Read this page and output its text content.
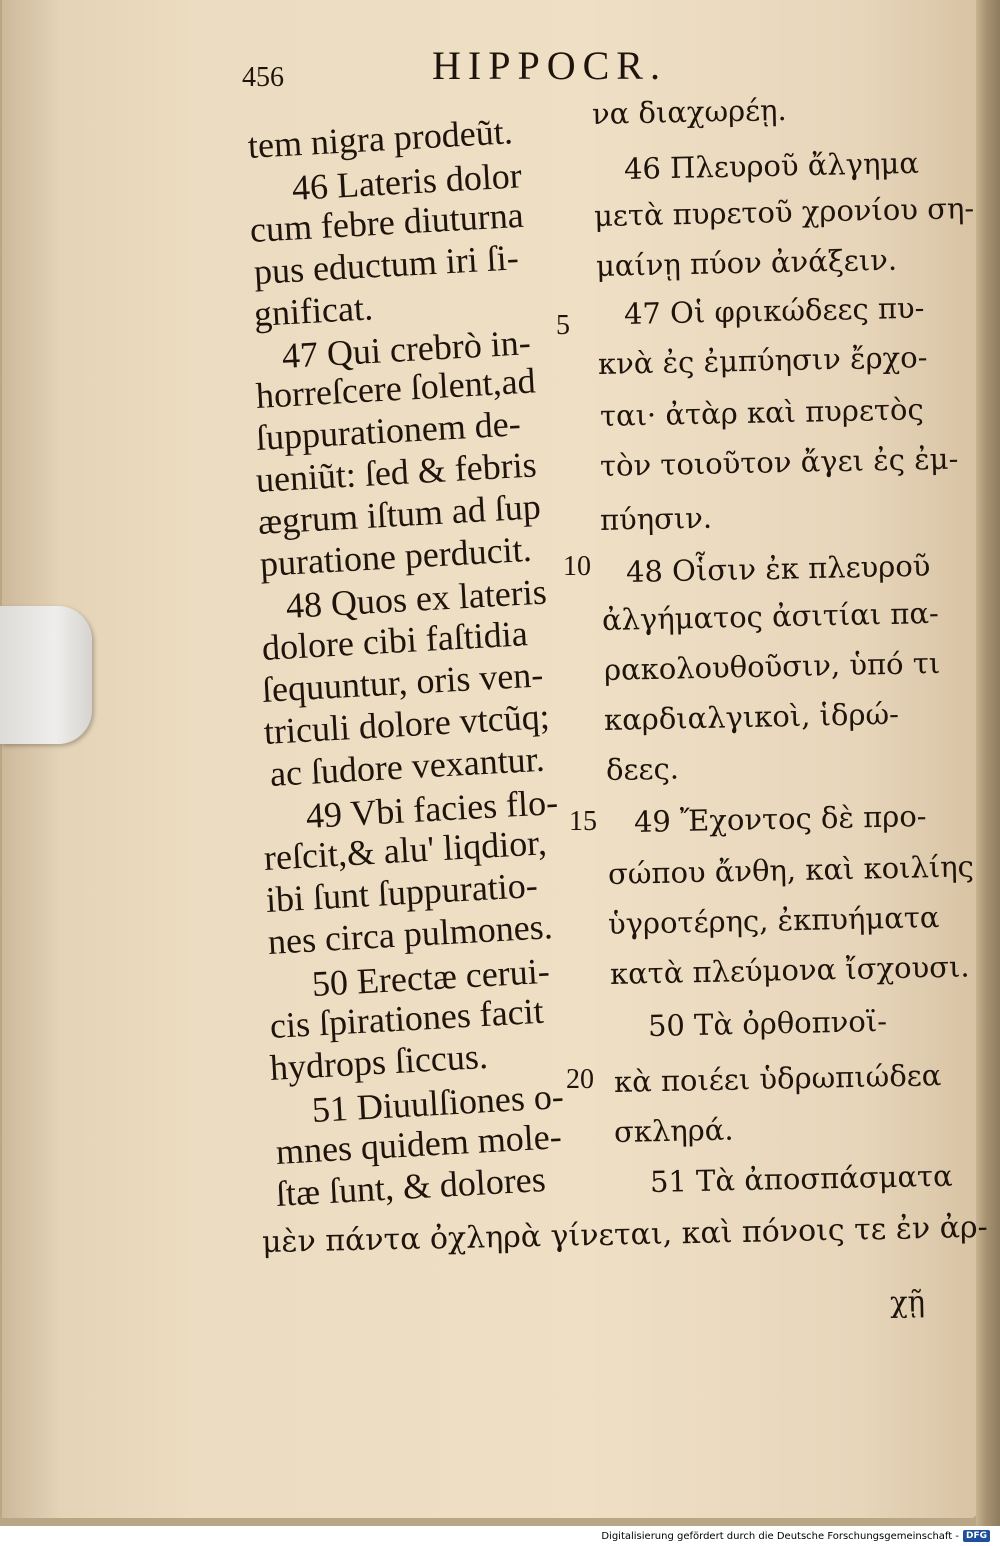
HIPPOCR.
456
tem nigra prodeũt.
46 Lateris dolor
cum febre diuturna
pus eductum iri ſi-
gnificat.
47 Qui crebrò in-
horreſcere ſolent,ad
ſuppurationem de-
ueniũt: ſed & febris
ægrum iſtum ad ſup
puratione perducit.
48 Quos ex lateris
dolore cibi faſtidia
ſequuntur, oris ven-
triculi dolore vtcũq;
ac ſudore vexantur.
49 Vbi facies flo-
reſcit,& alu' liqdior,
ibi ſunt ſuppuratio-
nes circa pulmones.
50 Erectæ cerui-
cis ſpirationes facit
hydrops ſiccus.
51 Diuulſiones o-
mnes quidem mole-
ſtæ ſunt, & dolores
να διαχωρέῃ.
46 Πλευροῦ ἄλγημα
μετὰ πυρετοῦ χρονίου ση-
μαίνῃ πύον ἀνάξειν.
47 Οἱ φρικώδεες πυ-
κνὰ ἐς ἐμπύησιν ἔρχο-
ται· ἀτὰρ καὶ πυρετὸς
τὸν τοιοῦτον ἄγει ἐς ἐμ-
πύησιν.
48 Οἷσιν ἐκ πλευροῦ
ἀλγήματος ἀσιτίαι πα-
ρακολουθοῦσιν, ὑπό τι
καρδιαλγικοὶ, ἱδρώ-
δεες.
49 Ἔχοντος δὲ προ-
σώπου ἄνθη, καὶ κοιλίης
ὑγροτέρης, ἐκπυήματα
κατὰ πλεύμονα ἴσχουσι.
50 Τὰ ὀρθοπνοϊ-
κὰ ποιέει ὑδρωπιώδεα
σκληρά.
51 Τὰ ἀποσπάσματα
5
10
15
20
μὲν πάντα ὀχληρὰ γίνεται, καὶ πόνοις τε ἐν ἀρ-
χῇ
Digitalisierung gefördert durch die Deutsche Forschungsgemeinschaft - DFG
